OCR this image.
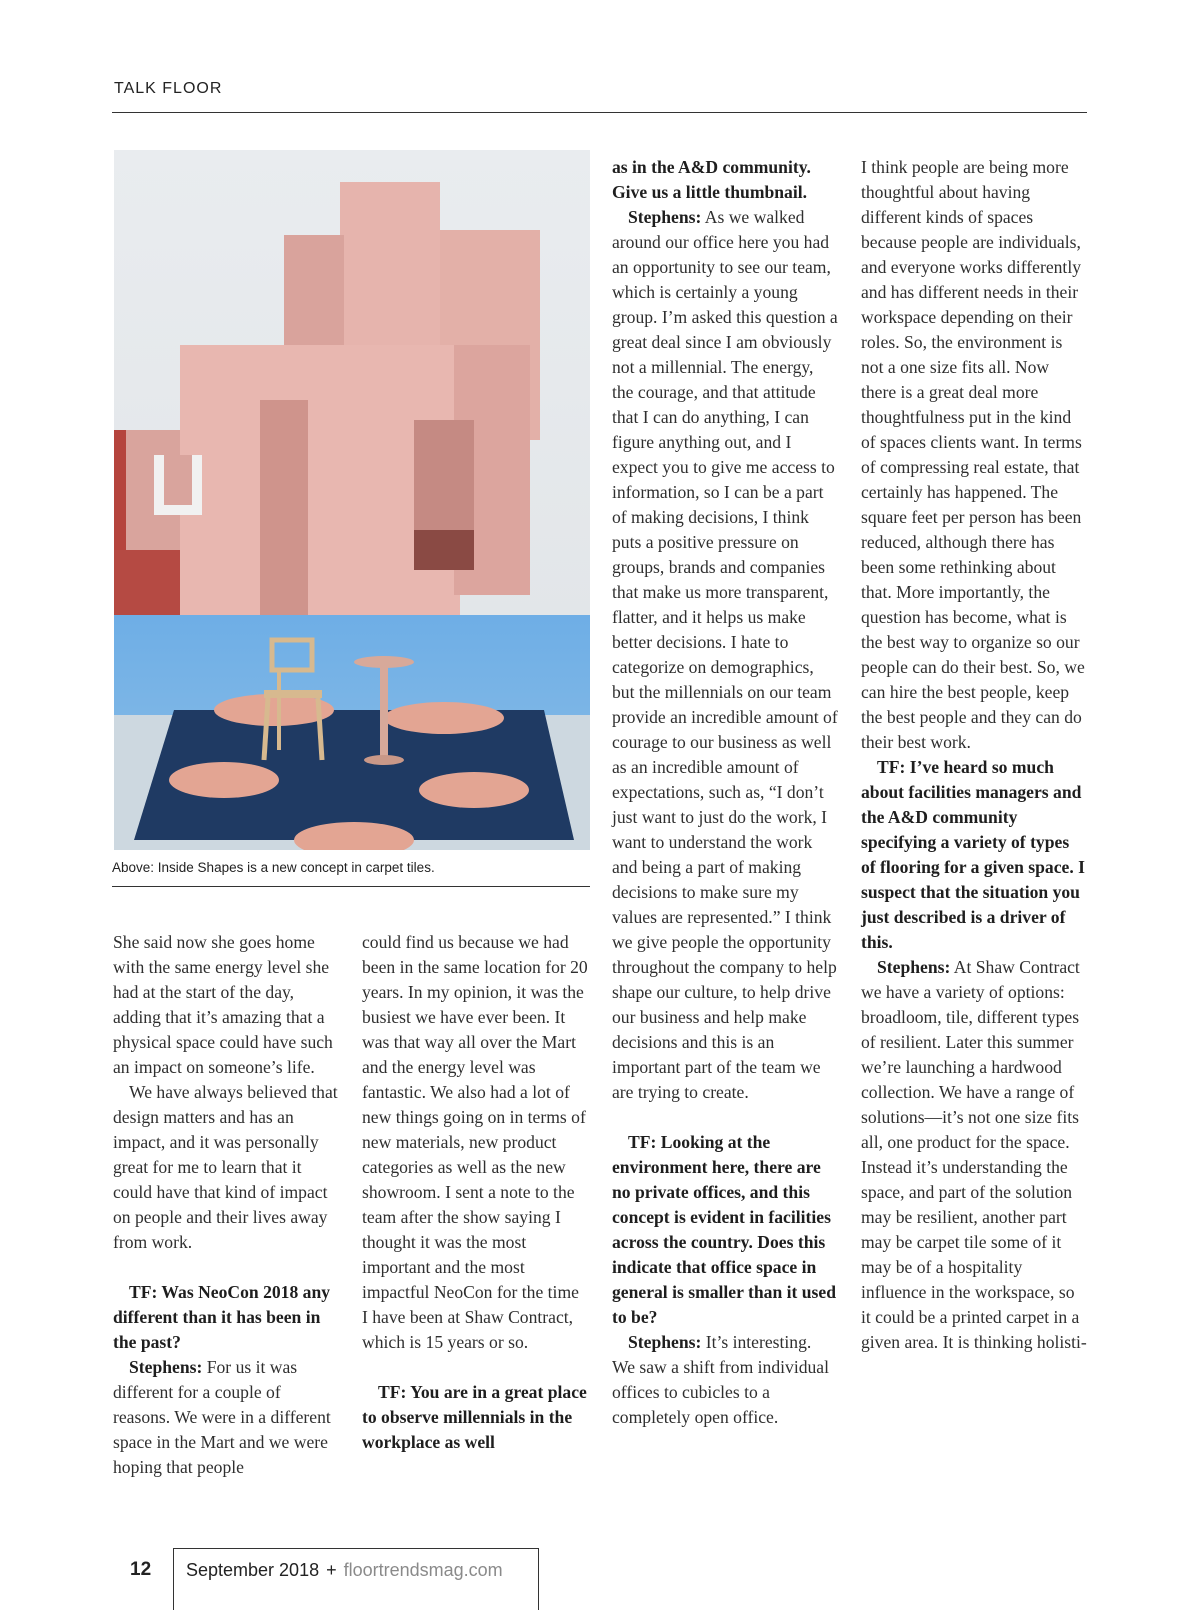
TALK FLOOR
Above: Inside Shapes is a new concept in carpet tiles.

She said now she goes home with the same energy level she had at the start of the day, adding that it’s amazing that a physical space could have such an impact on someone’s life.

We have always believed that design matters and has an impact, and it was personally great for me to learn that it could have that kind of impact on people and their lives away from work.

TF: Was NeoCon 2018 any different than it has been in the past?

Stephens: For us it was different for a couple of reasons. We were in a different space in the Mart and we were hoping that people

could find us because we had been in the same location for 20 years. In my opinion, it was the busiest we have ever been. It was that way all over the Mart and the energy level was fantastic. We also had a lot of new things going on in terms of new materials, new product categories as well as the new showroom. I sent a note to the team after the show saying I thought it was the most important and the most impactful NeoCon for the time I have been at Shaw Contract, which is 15 years or so.

TF: You are in a great place to observe millennials in the workplace as well

as in the A&D community. Give us a little thumbnail.

Stephens: As we walked around our office here you had an opportunity to see our team, which is certainly a young group. I’m asked this question a great deal since I am obviously not a millennial. The energy, the courage, and that attitude that I can do anything, I can figure anything out, and I expect you to give me access to information, so I can be a part of making decisions, I think puts a positive pressure on groups, brands and companies that make us more transparent, flatter, and it helps us make better decisions. I hate to categorize on demographics, but the millennials on our team provide an incredible amount of courage to our business as well as an incredible amount of expectations, such as, “I don’t just want to just do the work, I want to understand the work and being a part of making decisions to make sure my values are represented.” I think we give people the opportunity throughout the company to help shape our culture, to help drive our business and help make decisions and this is an important part of the team we are trying to create.

TF: Looking at the environment here, there are no private offices, and this concept is evident in facilities across the country. Does this indicate that office space in general is smaller than it used to be?

Stephens: It’s interesting. We saw a shift from individual offices to cubicles to a completely open office.

I think people are being more thoughtful about having different kinds of spaces because people are individuals, and everyone works differently and has different needs in their workspace depending on their roles. So, the environment is not a one size fits all. Now there is a great deal more thoughtfulness put in the kind of spaces clients want. In terms of compressing real estate, that certainly has happened. The square feet per person has been reduced, although there has been some rethinking about that. More importantly, the question has become, what is the best way to organize so our people can do their best. So, we can hire the best people, keep the best people and they can do their best work.

TF: I’ve heard so much about facilities managers and the A&D community specifying a variety of types of flooring for a given space. I suspect that the situation you just described is a driver of this.

Stephens: At Shaw Contract we have a variety of options: broadloom, tile, different types of resilient. Later this summer we’re launching a hardwood collection. We have a range of solutions—it’s not one size fits all, one product for the space. Instead it’s understanding the space, and part of the solution may be resilient, another part may be carpet tile some of it may be of a hospitality influence in the workspace, so it could be a printed carpet in a given area. It is thinking holisti-

12 September 2018 + floortrendsmag.com
